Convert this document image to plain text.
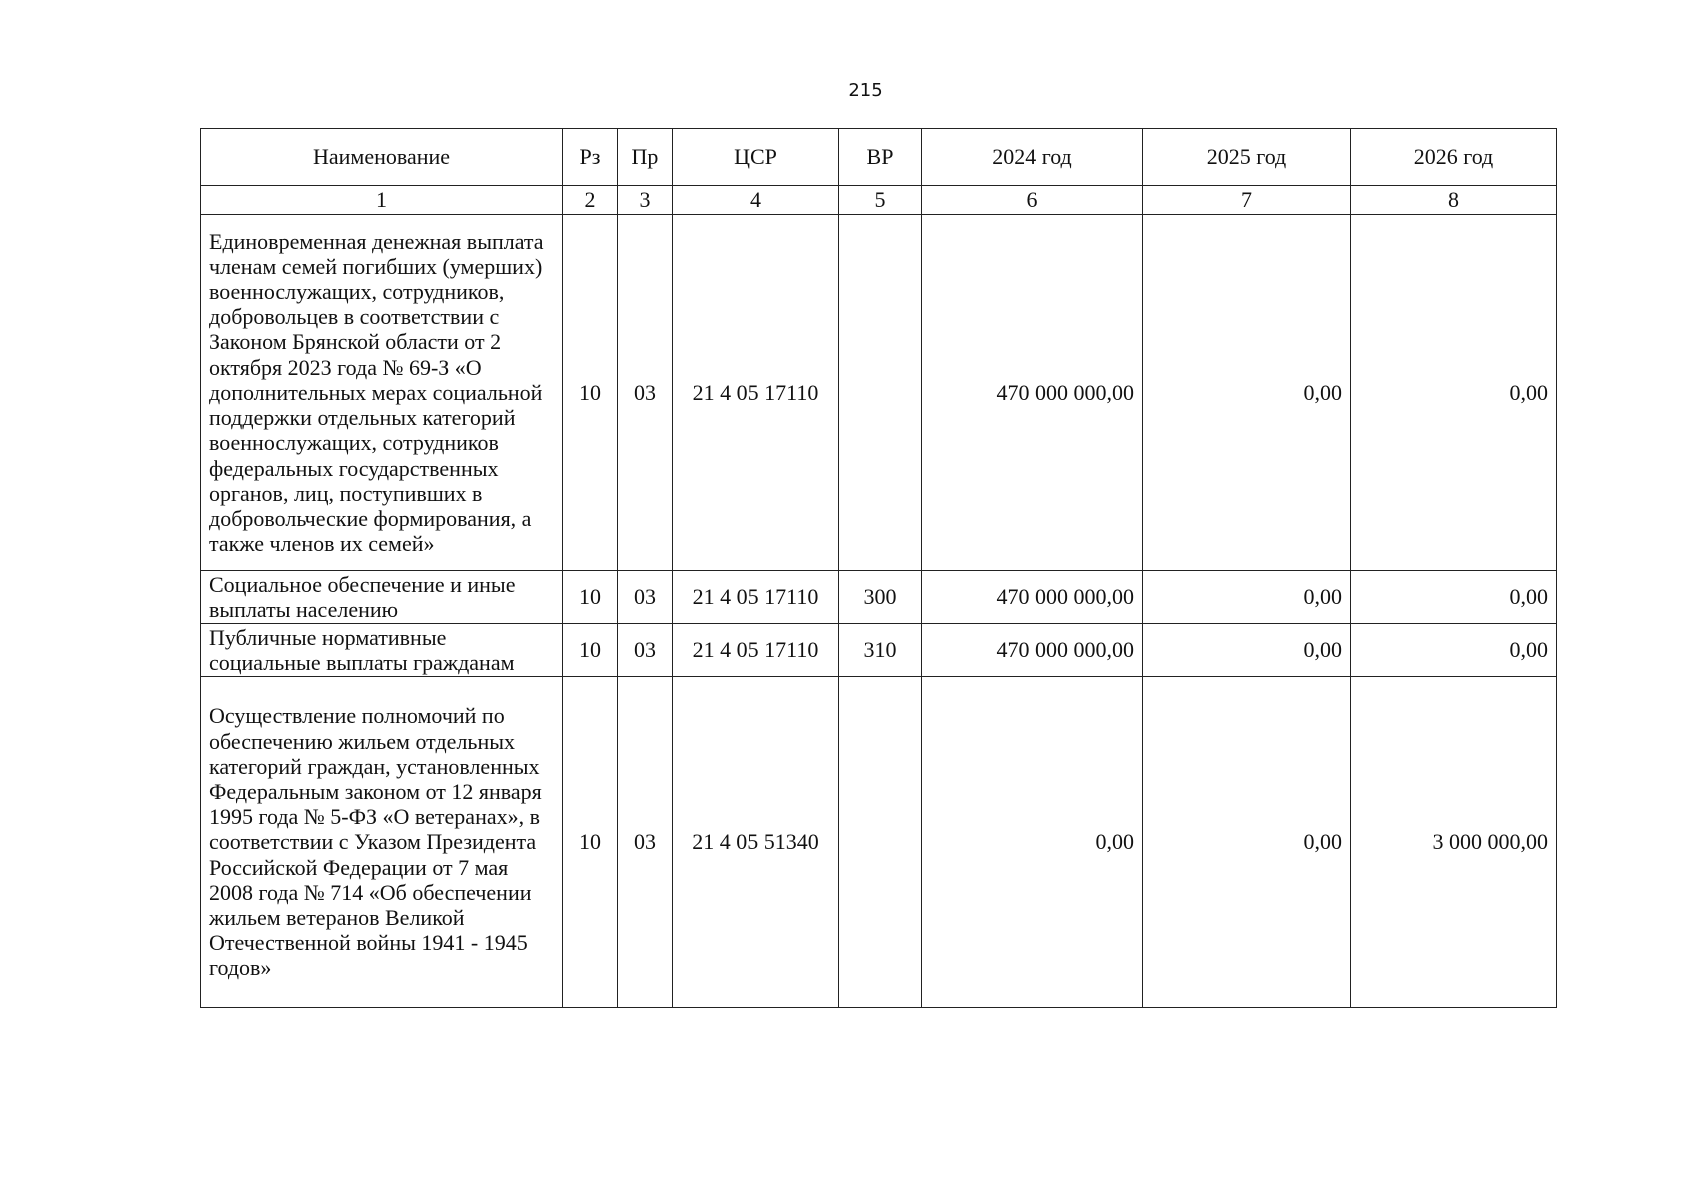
215
Наименование	Рз	Пр	ЦСР	ВР	2024 год	2025 год	2026 год
1	2	3	4	5	6	7	8
Единовременная денежная выплата членам семей погибших (умерших) военнослужащих, сотрудников, добровольцев в соответствии с Законом Брянской области от 2 октября 2023 года № 69-З «О дополнительных мерах социальной поддержки отдельных категорий военнослужащих, сотрудников федеральных государственных органов, лиц, поступивших в добровольческие формирования, а также членов их семей»	10	03	21 4 05 17110		470 000 000,00	0,00	0,00
Социальное обеспечение и иные выплаты населению	10	03	21 4 05 17110	300	470 000 000,00	0,00	0,00
Публичные нормативные социальные выплаты гражданам	10	03	21 4 05 17110	310	470 000 000,00	0,00	0,00
Осуществление полномочий по обеспечению жильем отдельных категорий граждан, установленных Федеральным законом от 12 января 1995 года № 5-ФЗ «О ветеранах», в соответствии с Указом Президента Российской Федерации от 7 мая 2008 года № 714 «Об обеспечении жильем ветеранов Великой Отечественной войны 1941 - 1945 годов»	10	03	21 4 05 51340		0,00	0,00	3 000 000,00
